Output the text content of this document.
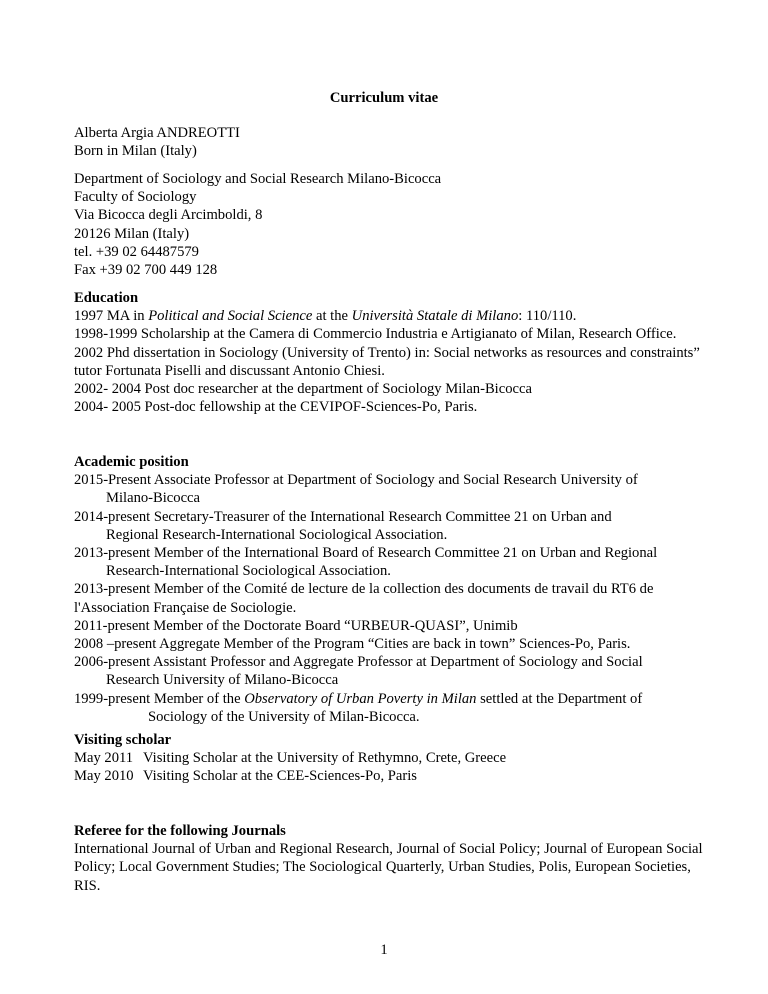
Curriculum vitae
Alberta Argia ANDREOTTI
Born in Milan (Italy)
Department of Sociology and Social Research Milano-Bicocca
Faculty of Sociology
Via Bicocca degli Arcimboldi, 8
20126 Milan (Italy)
tel. +39 02 64487579
Fax +39 02 700 449 128
Education
1997 MA in Political and Social Science at the Università Statale di Milano: 110/110.
1998-1999 Scholarship at the Camera di Commercio Industria e Artigianato of Milan, Research Office.
2002 Phd dissertation in Sociology (University of Trento) in: Social networks as resources and constraints” tutor Fortunata Piselli and discussant Antonio Chiesi.
2002- 2004 Post doc researcher at the department of Sociology Milan-Bicocca
2004- 2005 Post-doc fellowship at the CEVIPOF-Sciences-Po, Paris.
Academic position
2015-Present Associate Professor at Department of Sociology and Social Research University of
Milano-Bicocca
2014-present Secretary-Treasurer of the International Research Committee 21 on Urban and
Regional Research-International Sociological Association.
2013-present Member of the International Board of Research Committee 21 on Urban and Regional
Research-International Sociological Association.
2013-present Member of the Comité de lecture de la collection des documents de travail du RT6 de
l'Association Française de Sociologie.
2011-present Member of the Doctorate Board “URBEUR-QUASI”, Unimib
2008 –present Aggregate Member of the Program “Cities are back in town” Sciences-Po, Paris.
2006-present Assistant Professor and Aggregate Professor at Department of Sociology and Social
Research University of Milano-Bicocca
1999-present Member of the Observatory of Urban Poverty in Milan settled at the Department of
Sociology of the University of Milan-Bicocca.
Visiting scholar
May 2011 Visiting Scholar at the University of Rethymno, Crete, Greece
May 2010 Visiting Scholar at the CEE-Sciences-Po, Paris
Referee for the following Journals
International Journal of Urban and Regional Research, Journal of Social Policy; Journal of European Social Policy; Local Government Studies; The Sociological Quarterly, Urban Studies, Polis, European Societies, RIS.
1
